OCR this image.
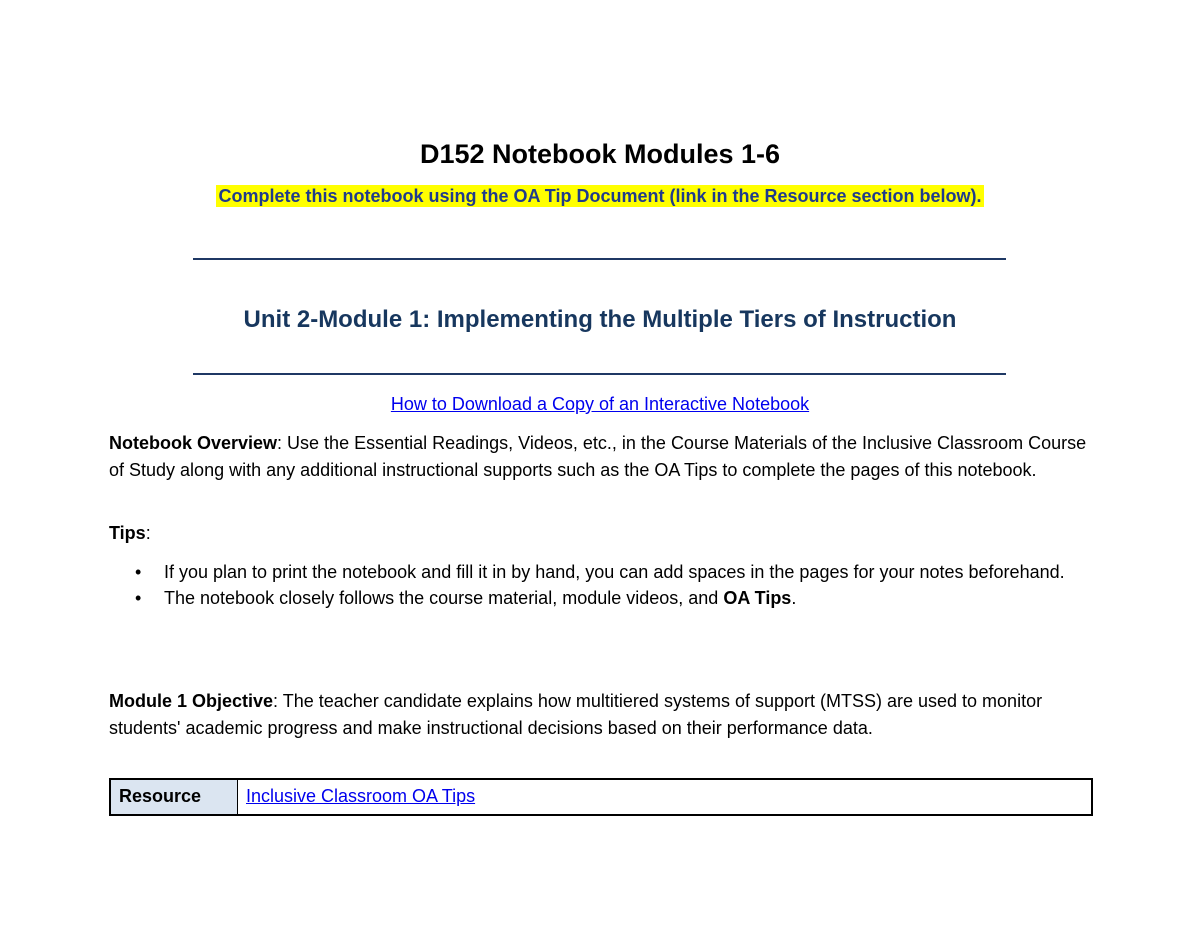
D152 Notebook Modules 1-6
Complete this notebook using the OA Tip Document (link in the Resource section below).
Unit 2-Module 1: Implementing the Multiple Tiers of Instruction
How to Download a Copy of an Interactive Notebook

Notebook Overview: Use the Essential Readings, Videos, etc., in the Course Materials of the Inclusive Classroom Course of Study along with any additional instructional supports such as the OA Tips to complete the pages of this notebook.

Tips:

• If you plan to print the notebook and fill it in by hand, you can add spaces in the pages for your notes beforehand.
• The notebook closely follows the course material, module videos, and OA Tips.

Module 1 Objective: The teacher candidate explains how multitiered systems of support (MTSS) are used to monitor students' academic progress and make instructional decisions based on their performance data.

Resource	Inclusive Classroom OA Tips
